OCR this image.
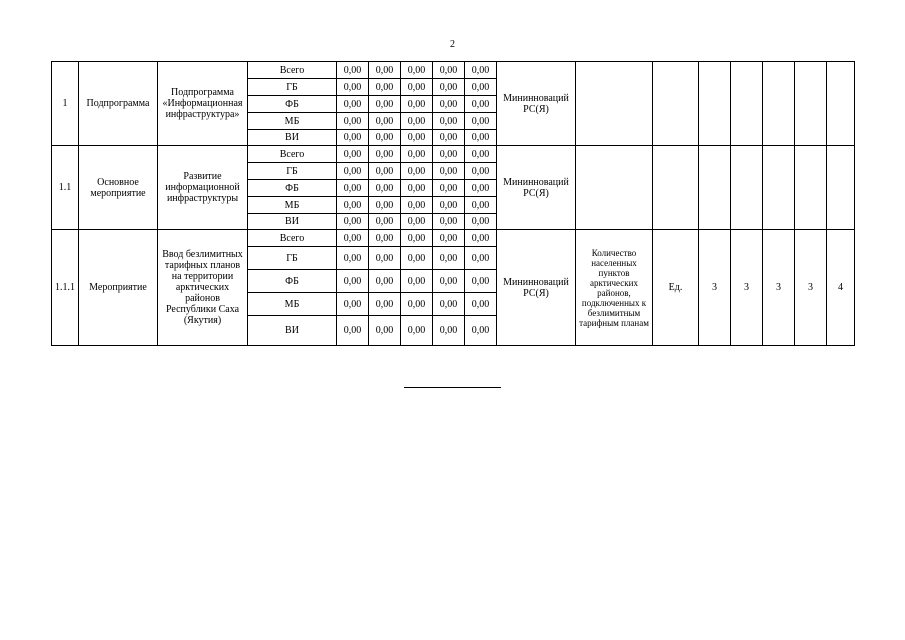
2
1	Подпрограмма	Подпрограмма «Информационная инфраструктура»	Всего	0,00	0,00	0,00	0,00	0,00	Мининноваций РС(Я)							
			ГБ	0,00	0,00	0,00	0,00	0,00								
			ФБ	0,00	0,00	0,00	0,00	0,00								
			МБ	0,00	0,00	0,00	0,00	0,00								
			ВИ	0,00	0,00	0,00	0,00	0,00								
1.1	Основное мероприятие	Развитие информационной инфраструктуры	Всего	0,00	0,00	0,00	0,00	0,00	Мининноваций РС(Я)							
			ГБ	0,00	0,00	0,00	0,00	0,00								
			ФБ	0,00	0,00	0,00	0,00	0,00								
			МБ	0,00	0,00	0,00	0,00	0,00								
			ВИ	0,00	0,00	0,00	0,00	0,00								
1.1.1	Мероприятие	Ввод безлимитных тарифных планов на территории арктических районов Республики Саха (Якутия)	Всего	0,00	0,00	0,00	0,00	0,00	Мининноваций РС(Я)	Количество населенных пунктов арктических районов, подключенных к безлимитным тарифным планам	Ед.	3	3	3	3	4
			ГБ	0,00	0,00	0,00	0,00	0,00								
			ФБ	0,00	0,00	0,00	0,00	0,00								
			МБ	0,00	0,00	0,00	0,00	0,00								
			ВИ	0,00	0,00	0,00	0,00	0,00								
